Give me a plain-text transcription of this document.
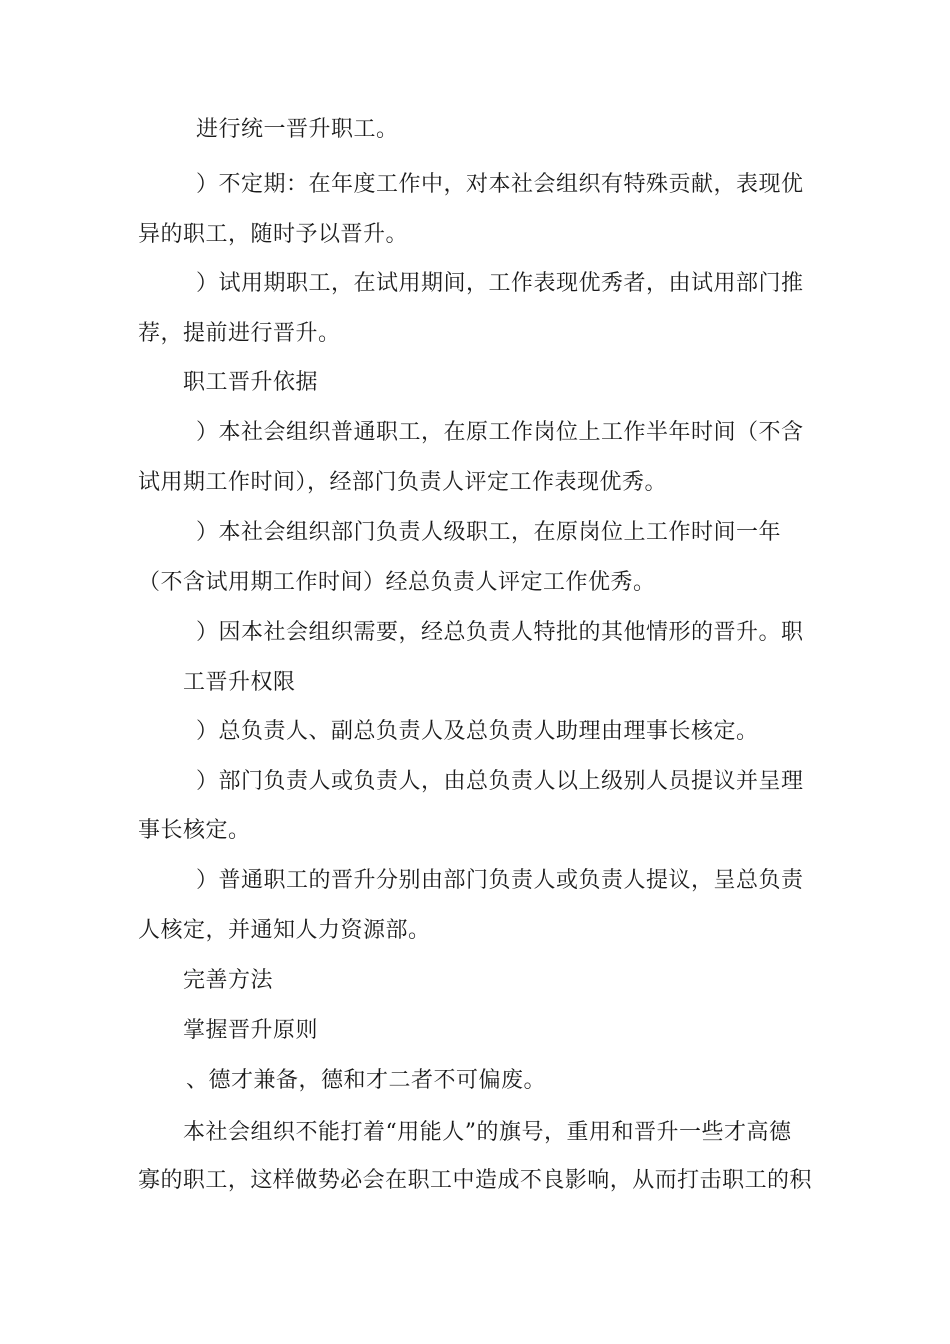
进行统一晋升职工。
）不定期：在年度工作中，对本社会组织有特殊贡献，表现优
异的职工，随时予以晋升。
）试用期职工，在试用期间，工作表现优秀者，由试用部门推
荐，提前进行晋升。
职工晋升依据
）本社会组织普通职工，在原工作岗位上工作半年时间（不含
试用期工作时间），经部门负责人评定工作表现优秀。
）本社会组织部门负责人级职工，在原岗位上工作时间一年
（不含试用期工作时间）经总负责人评定工作优秀。
）因本社会组织需要，经总负责人特批的其他情形的晋升。职
工晋升权限
）总负责人、副总负责人及总负责人助理由理事长核定。
）部门负责人或负责人，由总负责人以上级别人员提议并呈理
事长核定。
）普通职工的晋升分别由部门负责人或负责人提议，呈总负责
人核定，并通知人力资源部。
完善方法
掌握晋升原则
、德才兼备，德和才二者不可偏废。
本社会组织不能打着“用能人”的旗号，重用和晋升一些才高德
寡的职工，这样做势必会在职工中造成不良影响，从而打击职工的积
